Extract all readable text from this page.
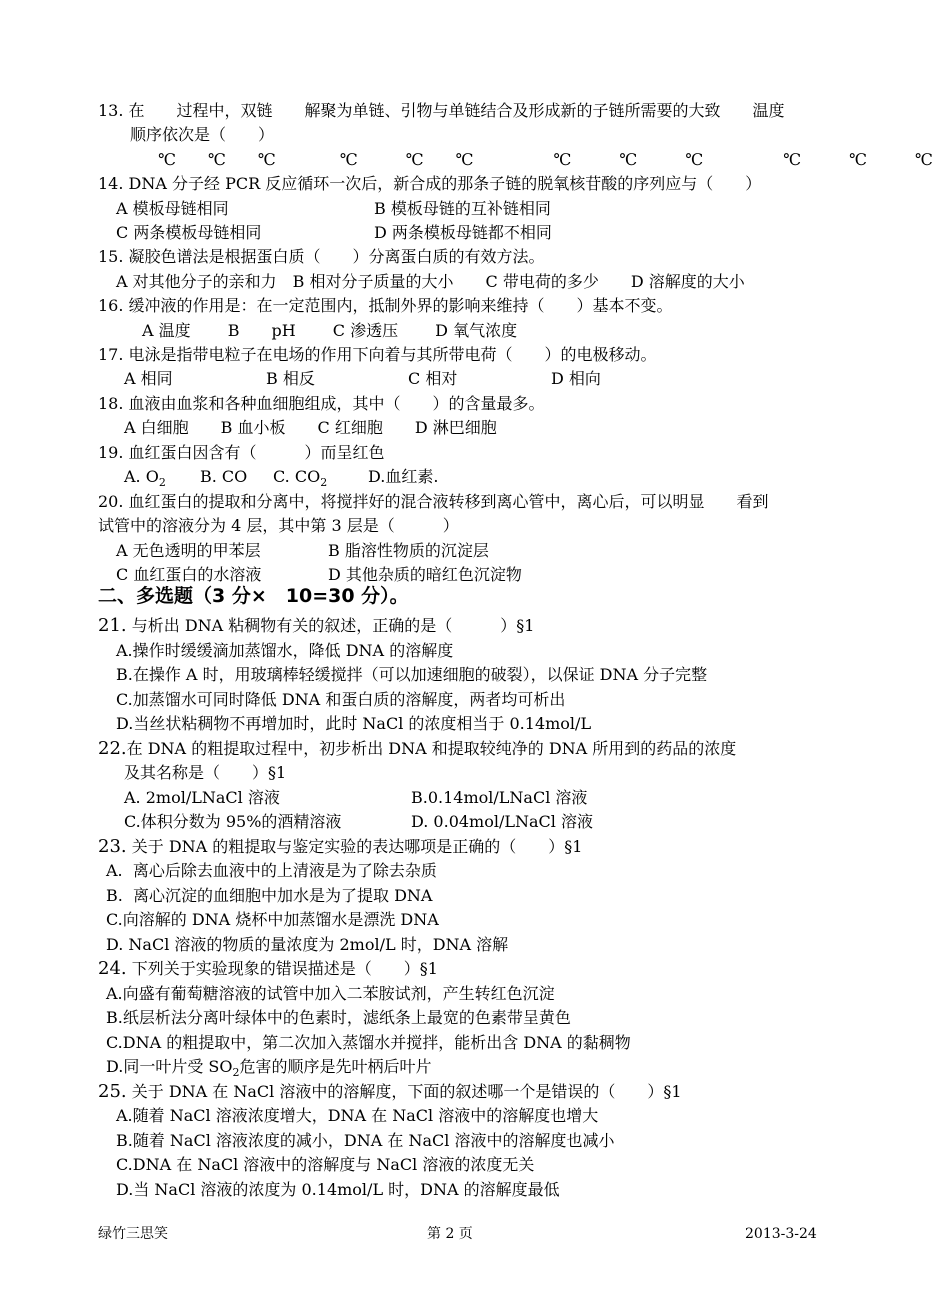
13. 在　　过程中，双链　　解聚为单链、引物与单链结合及形成新的子链所需要的大致　　温度
顺序依次是（　　）
　　　℃　　℃　　℃　　　　℃　　　℃　　℃　　　　　℃　　　℃　　　℃　　　　　℃　　　℃　　　℃
14. DNA 分子经 PCR 反应循环一次后，新合成的那条子链的脱氧核苷酸的序列应与（　　）
A 模板母链相同	B 模板母链的互补链相同
C 两条模板母链相同	D 两条模板母链都不相同
15. 凝胶色谱法是根据蛋白质（　　）分离蛋白质的有效方法。
A 对其他分子的亲和力　B 相对分子质量的大小　　C 带电荷的多少　　D 溶解度的大小
16. 缓冲液的作用是：在一定范围内，抵制外界的影响来维持（　　）基本不变。
A 温度　　 B　　pH　　 C 渗透压　　 D 氧气浓度
17. 电泳是指带电粒子在电场的作用下向着与其所带电荷（　　）的电极移动。
A 相同	B 相反	C 相对	D 相向
18. 血液由血浆和各种血细胞组成，其中（　　）的含量最多。
A 白细胞　　B 血小板　　C 红细胞　　D 淋巴细胞
19. 血红蛋白因含有（　　　）而呈红色
A. $O_2$ B. CO C. $CO_2$	D.血红素.
20. 血红蛋白的提取和分离中，将搅拌好的混合液转移到离心管中，离心后，可以明显　　看到
试管中的溶液分为 4 层，其中第 3 层是（　　　）
A 无色透明的甲苯层	B 脂溶性物质的沉淀层
C 血红蛋白的水溶液	D 其他杂质的暗红色沉淀物
二、多选题（3 分×　10=30 分）。
21. 与析出 DNA 粘稠物有关的叙述，正确的是（　　　）§1
A.操作时缓缓滴加蒸馏水，降低 DNA 的溶解度
B.在操作 A 时，用玻璃棒轻缓搅拌（可以加速细胞的破裂），以保证 DNA 分子完整
C.加蒸馏水可同时降低 DNA 和蛋白质的溶解度，两者均可析出
D.当丝状粘稠物不再增加时，此时 NaCl 的浓度相当于 0.14mol/L
22.在 DNA 的粗提取过程中，初步析出 DNA 和提取较纯净的 DNA 所用到的药品的浓度
及其名称是（　　）§1
A. 2mol/LNaCl 溶液	B.0.14mol/LNaCl 溶液
C.体积分数为 95%的酒精溶液	D. 0.04mol/LNaCl 溶液
23. 关于 DNA 的粗提取与鉴定实验的表达哪项是正确的（　　）§1
A.  离心后除去血液中的上清液是为了除去杂质
B.  离心沉淀的血细胞中加水是为了提取 DNA
C.向溶解的 DNA 烧杯中加蒸馏水是漂洗 DNA
D. NaCl 溶液的物质的量浓度为 2mol/L 时，DNA 溶解
24. 下列关于实验现象的错误描述是（　　）§1
A.向盛有葡萄糖溶液的试管中加入二苯胺试剂，产生转红色沉淀
B.纸层析法分离叶绿体中的色素时，滤纸条上最宽的色素带呈黄色
C.DNA 的粗提取中，第二次加入蒸馏水并搅拌，能析出含 DNA 的黏稠物
D.同一叶片受 $SO_2$危害的顺序是先叶柄后叶片
25. 关于 DNA 在 NaCl 溶液中的溶解度，下面的叙述哪一个是错误的（　　）§1
A.随着 NaCl 溶液浓度增大，DNA 在 NaCl 溶液中的溶解度也增大
B.随着 NaCl 溶液浓度的减小，DNA 在 NaCl 溶液中的溶解度也减小
C.DNA 在 NaCl 溶液中的溶解度与 NaCl 溶液的浓度无关
D.当 NaCl 溶液的浓度为 0.14mol/L 时，DNA 的溶解度最低
绿竹三思笑	第 2 页	2013-3-24
